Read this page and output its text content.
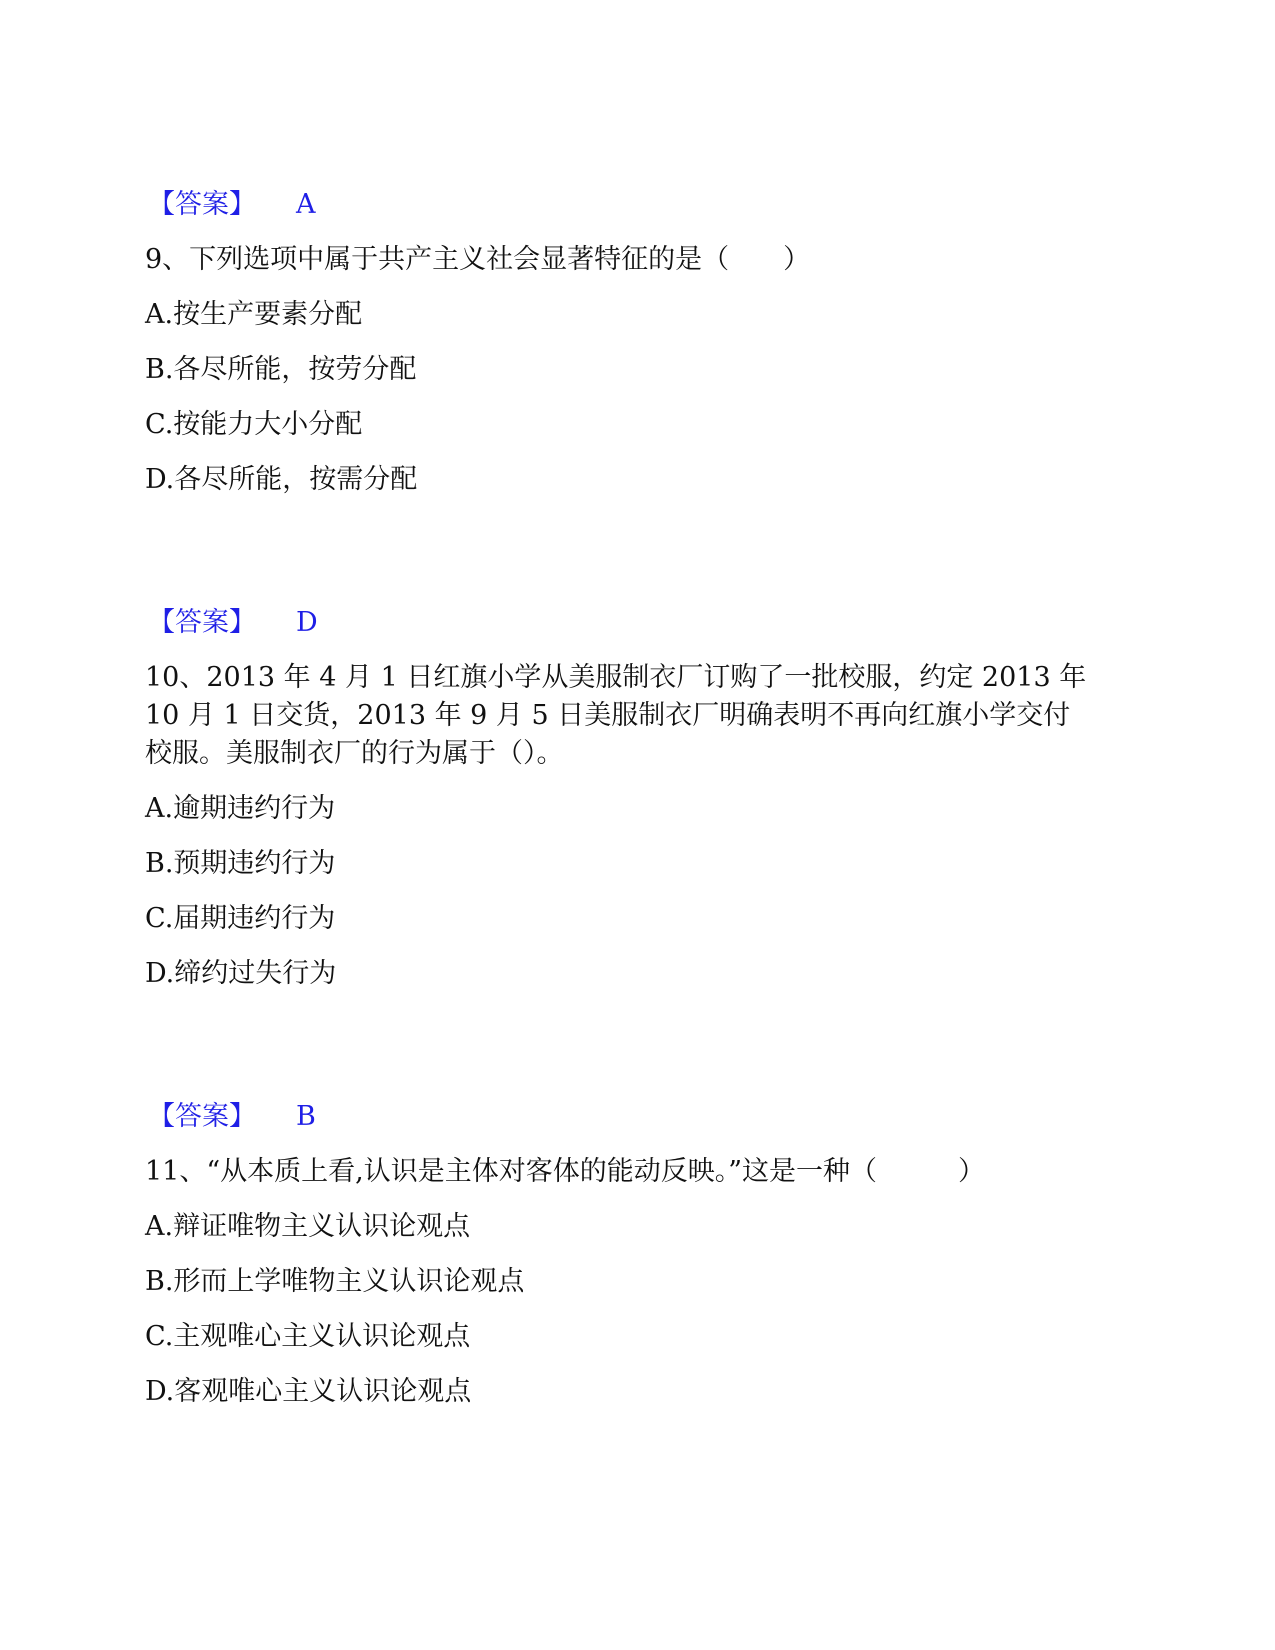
【答案】 A
9、下列选项中属于共产主义社会显著特征的是（　　）
A.按生产要素分配
B.各尽所能，按劳分配
C.按能力大小分配
D.各尽所能，按需分配
【答案】 D
10、2013 年 4 月 1 日红旗小学从美服制衣厂订购了一批校服，约定 2013 年
10 月 1 日交货，2013 年 9 月 5 日美服制衣厂明确表明不再向红旗小学交付
校服。美服制衣厂的行为属于（）。
A.逾期违约行为
B.预期违约行为
C.届期违约行为
D.缔约过失行为
【答案】 B
11、“从本质上看,认识是主体对客体的能动反映。”这是一种（　　　）
A.辩证唯物主义认识论观点
B.形而上学唯物主义认识论观点
C.主观唯心主义认识论观点
D.客观唯心主义认识论观点
